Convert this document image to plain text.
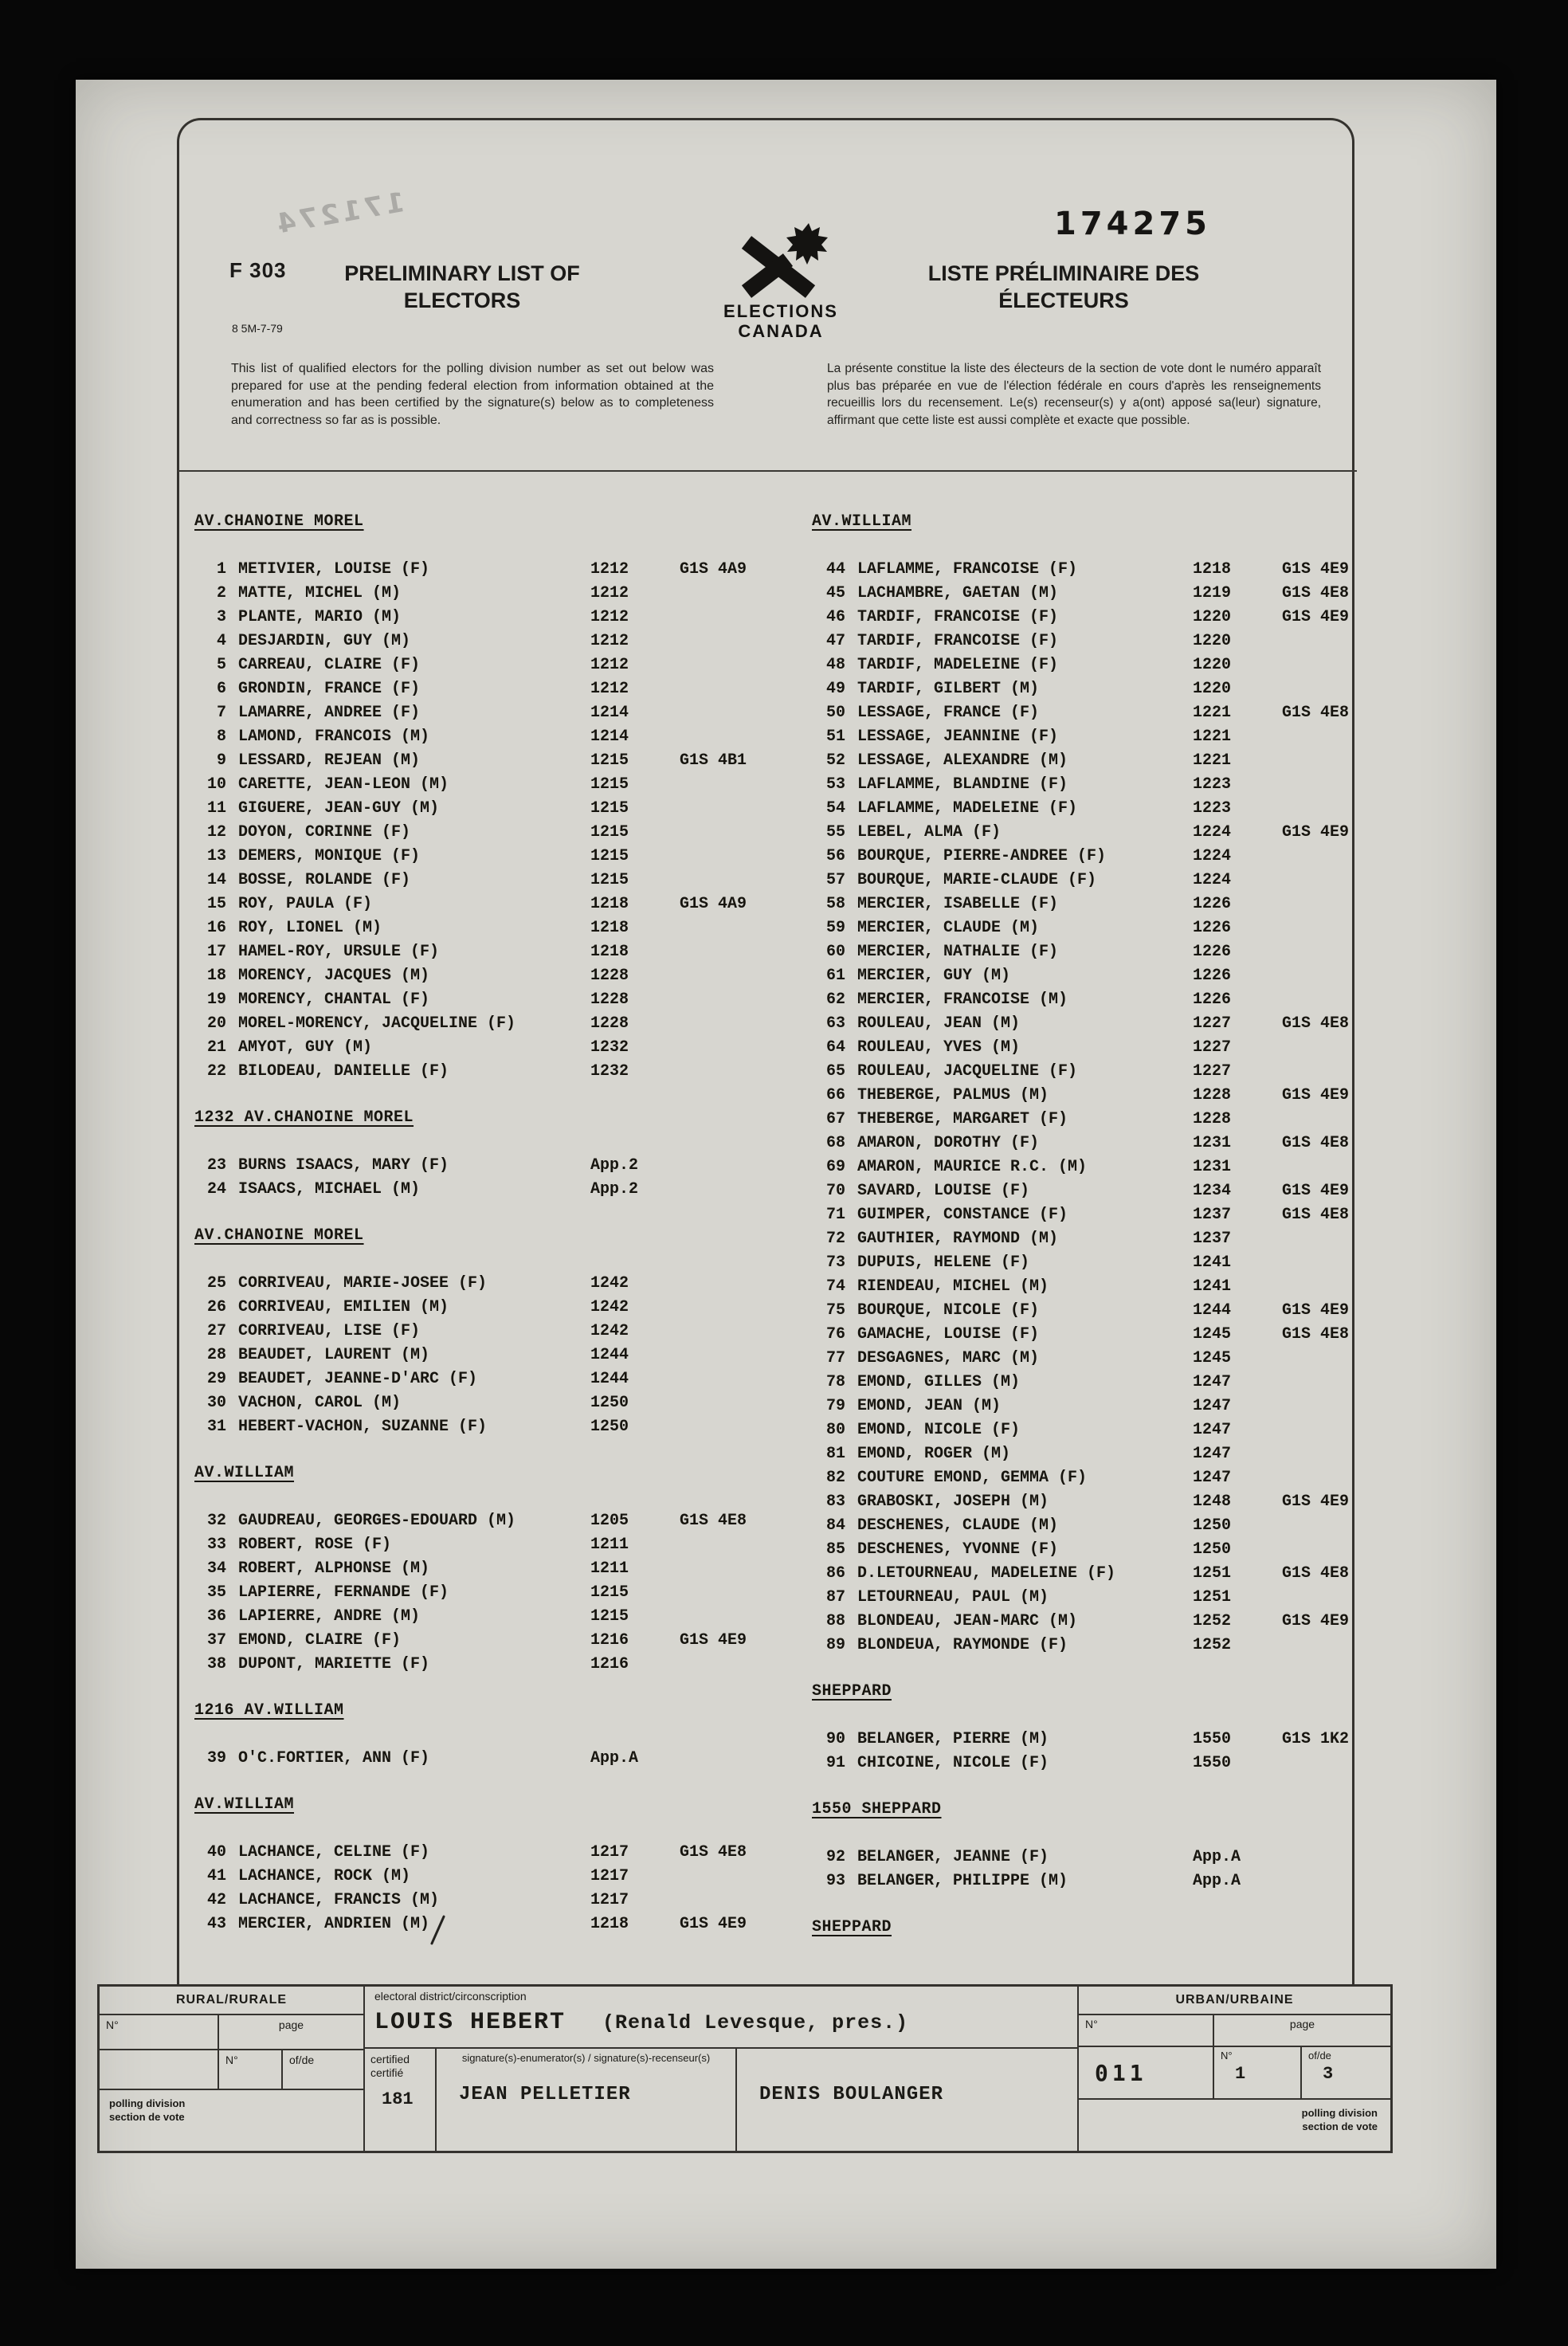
171274
F 303	PRELIMINARY LIST OF
ELECTORS
8 5M-7-79
This list of qualified electors for the polling division number as set out below was prepared for use at the pending federal election from information obtained at the enumeration and has been certified by the signature(s) below as to completeness and correctness so far as is possible.
ELECTIONS
CANADA
174275
LISTE PRÉLIMINAIRE DES
ÉLECTEURS
La présente constitue la liste des électeurs de la section de vote dont le numéro apparaît plus bas préparée en vue de l'élection fédérale en cours d'après les renseignements recueillis lors du recensement. Le(s) recenseur(s) y a(ont) apposé sa(leur) signature, affirmant que cette liste est aussi complète et exacte que possible.
AV.CHANOINE MOREL
1 METIVIER, LOUISE (F)	1212	G1S 4A9
2 MATTE, MICHEL (M)	1212
3 PLANTE, MARIO (M)	1212
4 DESJARDIN, GUY (M)	1212
5 CARREAU, CLAIRE (F)	1212
6 GRONDIN, FRANCE (F)	1212
7 LAMARRE, ANDREE (F)	1214
8 LAMOND, FRANCOIS (M)	1214
9 LESSARD, REJEAN (M)	1215	G1S 4B1
10 CARETTE, JEAN-LEON (M)	1215
11 GIGUERE, JEAN-GUY (M)	1215
12 DOYON, CORINNE (F)	1215
13 DEMERS, MONIQUE (F)	1215
14 BOSSE, ROLANDE (F)	1215
15 ROY, PAULA (F)	1218	G1S 4A9
16 ROY, LIONEL (M)	1218
17 HAMEL-ROY, URSULE (F)	1218
18 MORENCY, JACQUES (M)	1228
19 MORENCY, CHANTAL (F)	1228
20 MOREL-MORENCY, JACQUELINE (F)	1228
21 AMYOT, GUY (M)	1232
22 BILODEAU, DANIELLE (F)	1232
1232 AV.CHANOINE MOREL
23 BURNS ISAACS, MARY (F)	App.2
24 ISAACS, MICHAEL (M)	App.2
AV.CHANOINE MOREL
25 CORRIVEAU, MARIE-JOSEE (F)	1242
26 CORRIVEAU, EMILIEN (M)	1242
27 CORRIVEAU, LISE (F)	1242
28 BEAUDET, LAURENT (M)	1244
29 BEAUDET, JEANNE-D'ARC (F)	1244
30 VACHON, CAROL (M)	1250
31 HEBERT-VACHON, SUZANNE (F)	1250
AV.WILLIAM
32 GAUDREAU, GEORGES-EDOUARD (M)	1205	G1S 4E8
33 ROBERT, ROSE (F)	1211
34 ROBERT, ALPHONSE (M)	1211
35 LAPIERRE, FERNANDE (F)	1215
36 LAPIERRE, ANDRE (M)	1215
37 EMOND, CLAIRE (F)	1216	G1S 4E9
38 DUPONT, MARIETTE (F)	1216
1216 AV.WILLIAM
39 O'C.FORTIER, ANN (F)	App.A
AV.WILLIAM
40 LACHANCE, CELINE (F)	1217	G1S 4E8
41 LACHANCE, ROCK (M)	1217
42 LACHANCE, FRANCIS (M)	1217
43 MERCIER, ANDRIEN (M)	1218	G1S 4E9
AV.WILLIAM
44 LAFLAMME, FRANCOISE (F)	1218	G1S 4E9
45 LACHAMBRE, GAETAN (M)	1219	G1S 4E8
46 TARDIF, FRANCOISE (F)	1220	G1S 4E9
47 TARDIF, FRANCOISE (F)	1220
48 TARDIF, MADELEINE (F)	1220
49 TARDIF, GILBERT (M)	1220
50 LESSAGE, FRANCE (F)	1221	G1S 4E8
51 LESSAGE, JEANNINE (F)	1221
52 LESSAGE, ALEXANDRE (M)	1221
53 LAFLAMME, BLANDINE (F)	1223
54 LAFLAMME, MADELEINE (F)	1223
55 LEBEL, ALMA (F)	1224	G1S 4E9
56 BOURQUE, PIERRE-ANDREE (F)	1224
57 BOURQUE, MARIE-CLAUDE (F)	1224
58 MERCIER, ISABELLE (F)	1226
59 MERCIER, CLAUDE (M)	1226
60 MERCIER, NATHALIE (F)	1226
61 MERCIER, GUY (M)	1226
62 MERCIER, FRANCOISE (M)	1226
63 ROULEAU, JEAN (M)	1227	G1S 4E8
64 ROULEAU, YVES (M)	1227
65 ROULEAU, JACQUELINE (F)	1227
66 THEBERGE, PALMUS (M)	1228	G1S 4E9
67 THEBERGE, MARGARET (F)	1228
68 AMARON, DOROTHY (F)	1231	G1S 4E8
69 AMARON, MAURICE R.C. (M)	1231
70 SAVARD, LOUISE (F)	1234	G1S 4E9
71 GUIMPER, CONSTANCE (F)	1237	G1S 4E8
72 GAUTHIER, RAYMOND (M)	1237
73 DUPUIS, HELENE (F)	1241
74 RIENDEAU, MICHEL (M)	1241
75 BOURQUE, NICOLE (F)	1244	G1S 4E9
76 GAMACHE, LOUISE (F)	1245	G1S 4E8
77 DESGAGNES, MARC (M)	1245
78 EMOND, GILLES (M)	1247
79 EMOND, JEAN (M)	1247
80 EMOND, NICOLE (F)	1247
81 EMOND, ROGER (M)	1247
82 COUTURE EMOND, GEMMA (F)	1247
83 GRABOSKI, JOSEPH (M)	1248	G1S 4E9
84 DESCHENES, CLAUDE (M)	1250
85 DESCHENES, YVONNE (F)	1250
86 D.LETOURNEAU, MADELEINE (F)	1251	G1S 4E8
87 LETOURNEAU, PAUL (M)	1251
88 BLONDEAU, JEAN-MARC (M)	1252	G1S 4E9
89 BLONDEUA, RAYMONDE (F)	1252
SHEPPARD
90 BELANGER, PIERRE (M)	1550	G1S 1K2
91 CHICOINE, NICOLE (F)	1550
1550 SHEPPARD
92 BELANGER, JEANNE (F)	App.A
93 BELANGER, PHILIPPE (M)	App.A
SHEPPARD
RURAL/RURALE
N°	page
N°	of/de
polling division
section de vote
electoral district/circonscription
LOUIS HEBERT (Renald Levesque, pres.)
certified
certifié
181
signature(s)-enumerator(s) / signature(s)-recenseur(s)
JEAN PELLETIER	DENIS BOULANGER
URBAN/URBAINE
N°	page
011
N°
1
of/de
3
polling division
section de vote
